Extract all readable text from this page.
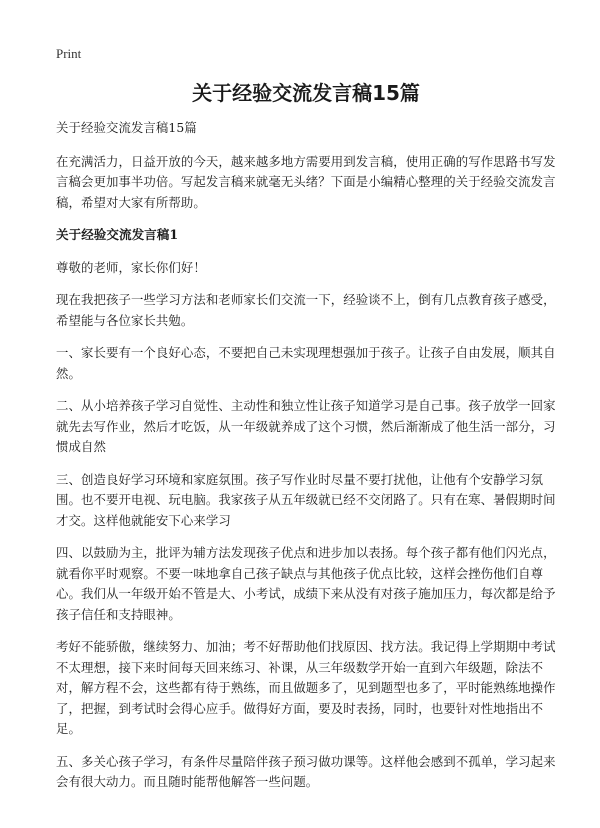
Print
关于经验交流发言稿15篇

关于经验交流发言稿15篇

在充满活力，日益开放的今天，越来越多地方需要用到发言稿，使用正确的写作思路书写发言稿会更加事半功倍。写起发言稿来就毫无头绪？下面是小编精心整理的关于经验交流发言稿，希望对大家有所帮助。

关于经验交流发言稿1

尊敬的老师，家长你们好！

现在我把孩子一些学习方法和老师家长们交流一下，经验谈不上，倒有几点教育孩子感受，希望能与各位家长共勉。

一、家长要有一个良好心态，不要把自己未实现理想强加于孩子。让孩子自由发展，顺其自然。

二、从小培养孩子学习自觉性、主动性和独立性让孩子知道学习是自己事。孩子放学一回家就先去写作业，然后才吃饭，从一年级就养成了这个习惯，然后渐渐成了他生活一部分，习惯成自然

三、创造良好学习环境和家庭氛围。孩子写作业时尽量不要打扰他，让他有个安静学习氛围。也不要开电视、玩电脑。我家孩子从五年级就已经不交闭路了。只有在寒、暑假期时间才交。这样他就能安下心来学习

四、以鼓励为主，批评为辅方法发现孩子优点和进步加以表扬。每个孩子都有他们闪光点，就看你平时观察。不要一味地拿自己孩子缺点与其他孩子优点比较，这样会挫伤他们自尊心。我们从一年级开始不管是大、小考试，成绩下来从没有对孩子施加压力，每次都是给予孩子信任和支持眼神。

考好不能骄傲，继续努力、加油；考不好帮助他们找原因、找方法。我记得上学期期中考试不太理想，接下来时间每天回来练习、补课，从三年级数学开始一直到六年级题，除法不对，解方程不会，这些都有待于熟练，而且做题多了，见到题型也多了，平时能熟练地操作了，把握，到考试时会得心应手。做得好方面，要及时表扬，同时，也要针对性地指出不足。

五、多关心孩子学习，有条件尽量陪伴孩子预习做功课等。这样他会感到不孤单，学习起来会有很大动力。而且随时能帮他解答一些问题。
